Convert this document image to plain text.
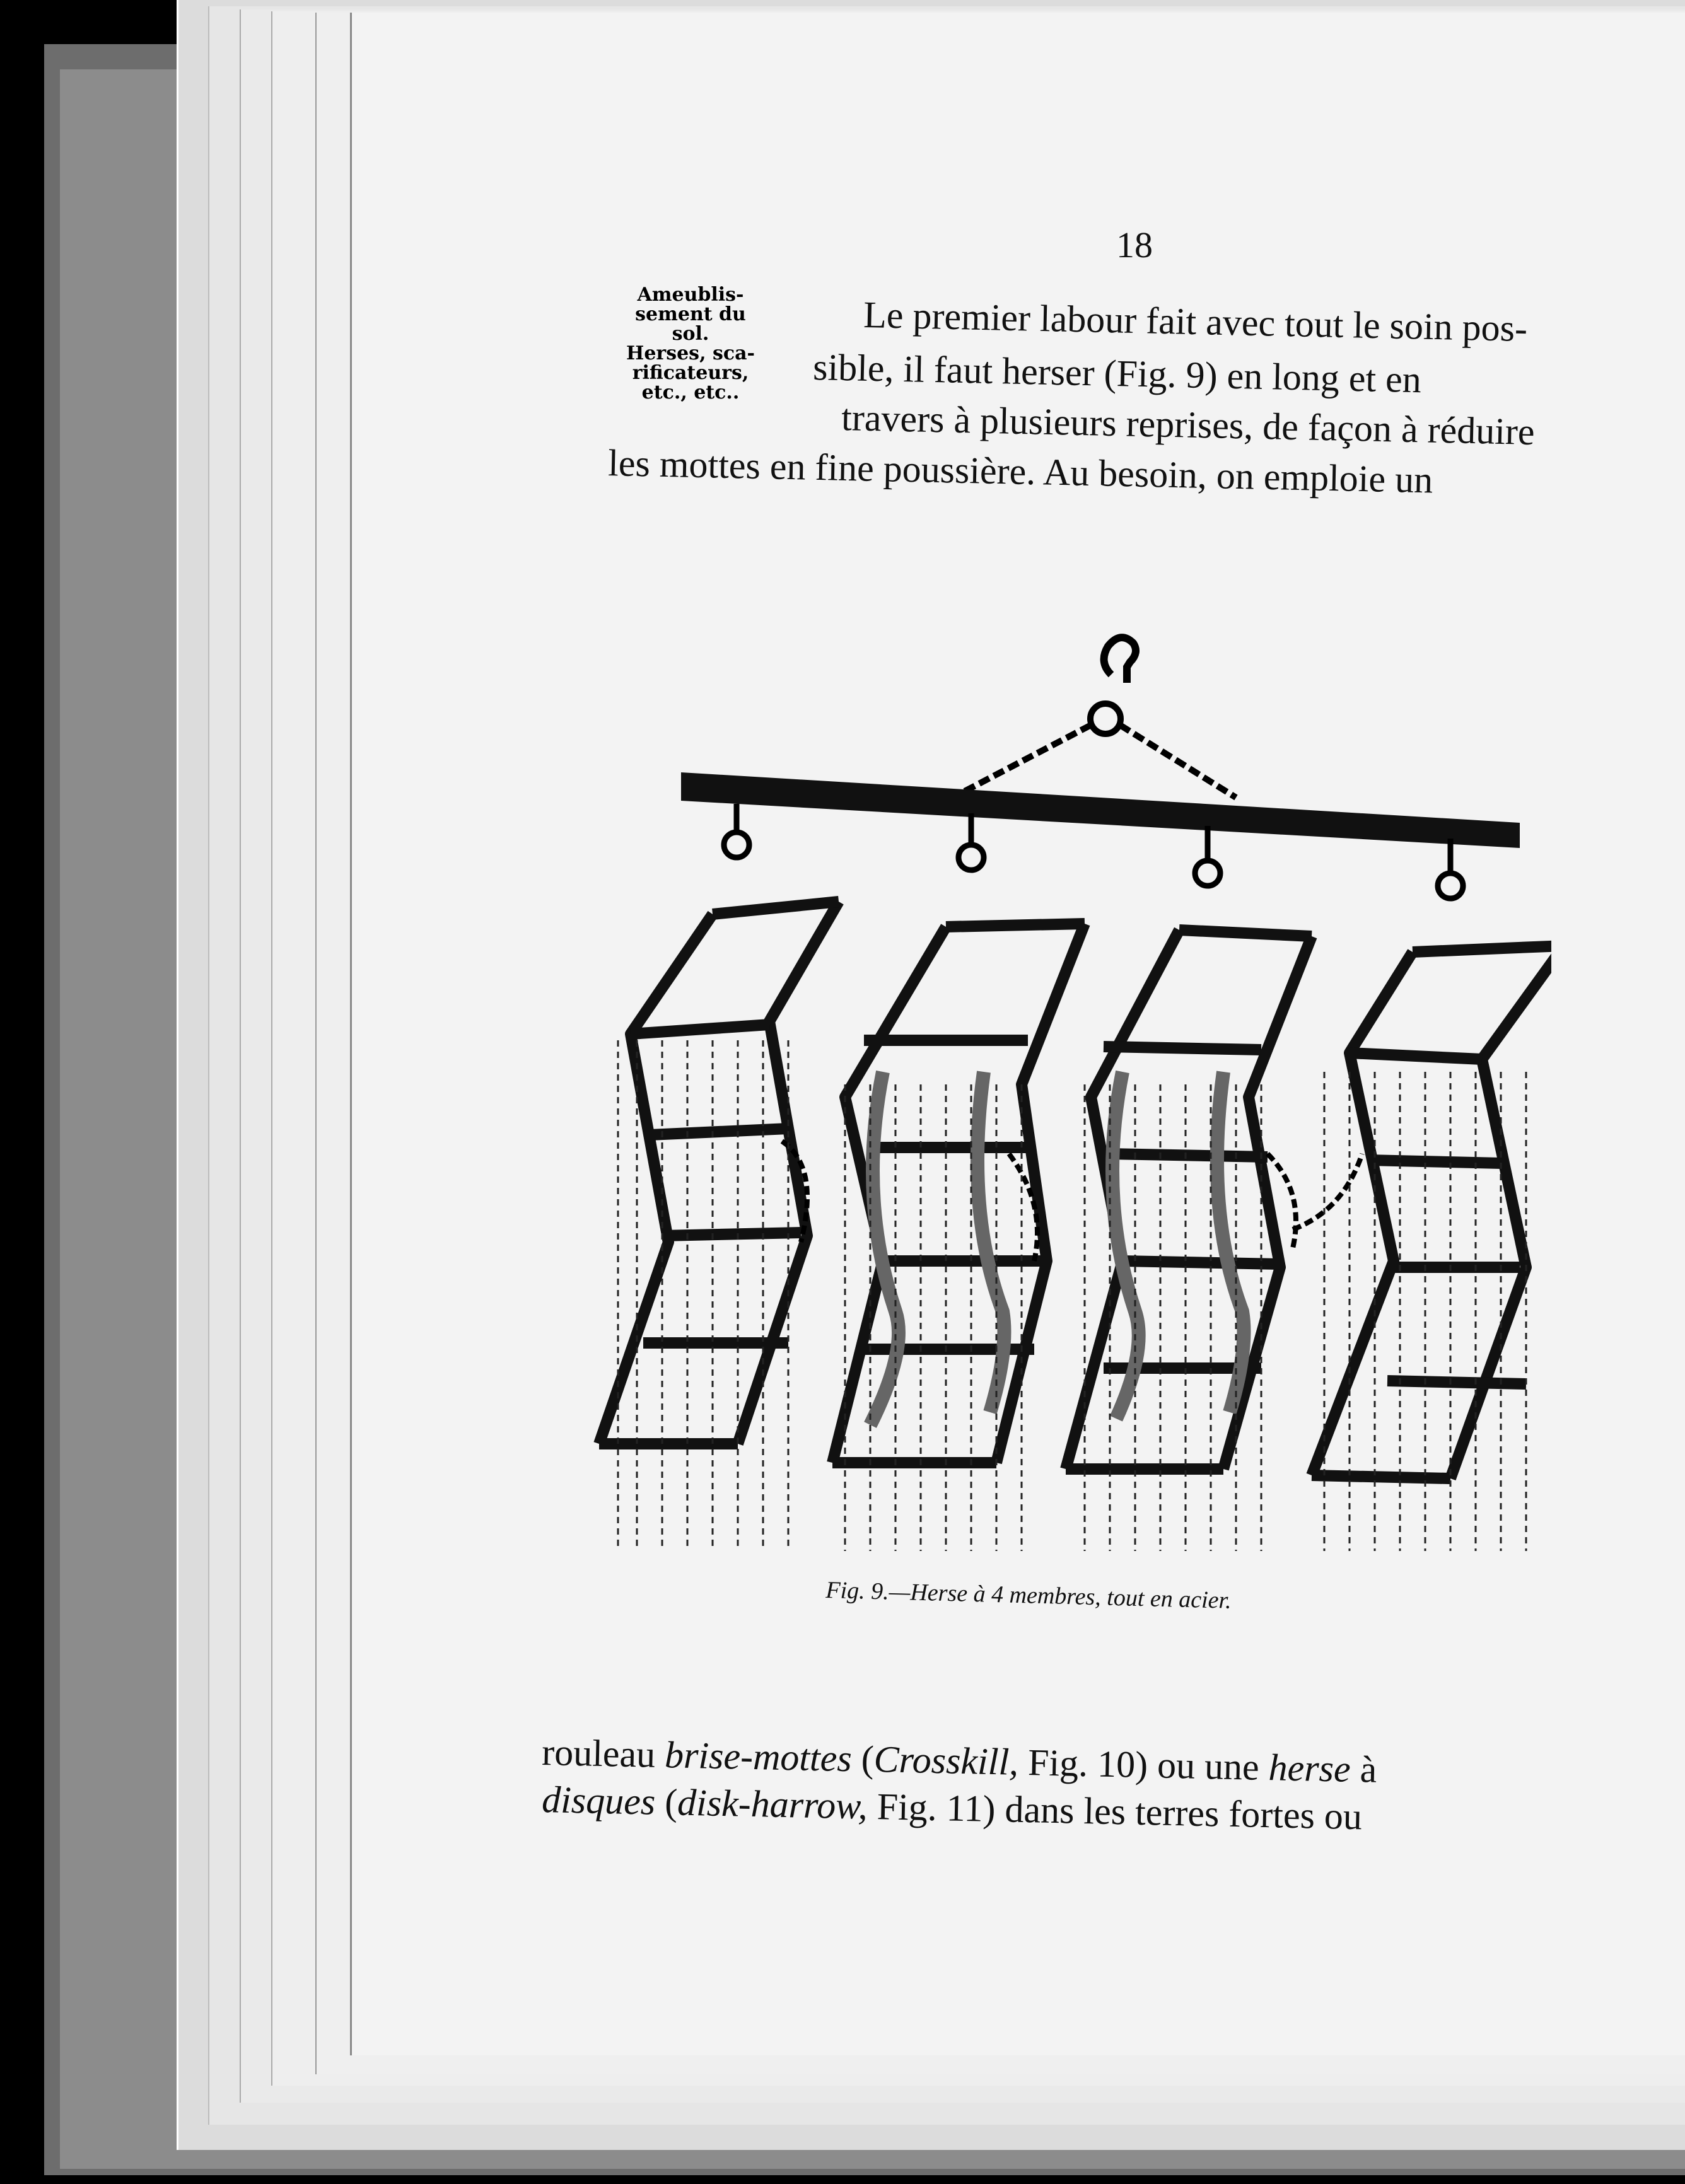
18
Ameublis-
sement du
sol.
Herses, sca-
rificateurs,
etc., etc..
Le premier labour fait avec tout le soin pos-
sible, il faut herser (Fig. 9) en long et en
travers à plusieurs reprises, de façon à réduire
les mottes en fine poussière. Au besoin, on emploie un
Fig. 9.—Herse à 4 membres, tout en acier.
rouleau brise-mottes (Crosskill, Fig. 10) ou une herse à
disques (disk-harrow, Fig. 11) dans les terres fortes ou
